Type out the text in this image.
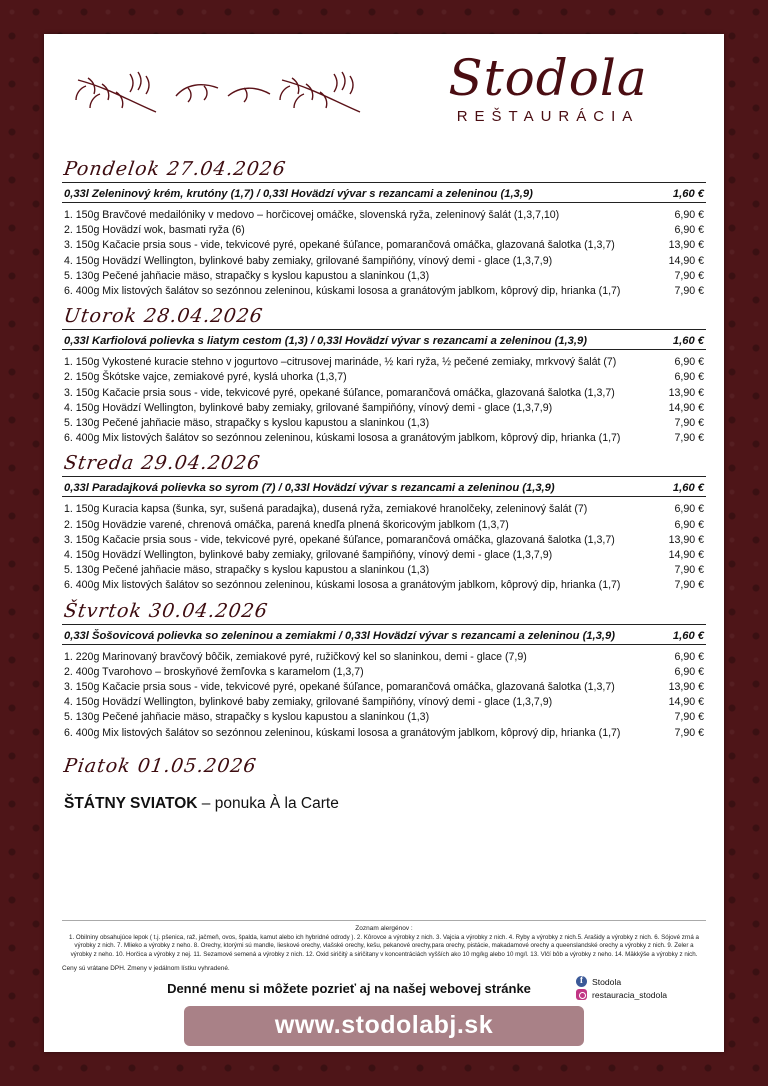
Stodola
REŠTAURÁCIA
Pondelok 27.04.2026
0,33l Zeleninový krém, krutóny (1,7) / 0,33l Hovädzí vývar s rezancami a zeleninou (1,3,9)	1,60 €
1. 150g Bravčové medailóniky v medovo – horčicovej omáčke, slovenská ryža, zeleninový šalát (1,3,7,10)	6,90 €
2. 150g Hovädzí wok, basmati ryža (6)	6,90 €
3. 150g Kačacie prsia sous - vide, tekvicové pyré, opekané šúľance, pomarančová omáčka, glazovaná šalotka (1,3,7)	13,90 €
4. 150g Hovädzí Wellington, bylinkové baby zemiaky, grilované šampiňóny, vínový demi - glace (1,3,7,9)	14,90 €
5. 130g Pečené jahňacie mäso, strapačky s kyslou kapustou a slaninkou (1,3)	7,90 €
6. 400g Mix listových šalátov so sezónnou zeleninou, kúskami lososa a granátovým jablkom, kôprový dip, hrianka (1,7)	7,90 €
Utorok 28.04.2026
0,33l Karfiolová polievka s liatym cestom (1,3) / 0,33l Hovädzí vývar s rezancami a zeleninou (1,3,9)	1,60 €
1. 150g Vykostené kuracie stehno v jogurtovo –citrusovej marináde, ½ kari ryža, ½ pečené zemiaky, mrkvový šalát (7)	6,90 €
2. 150g Škótske vajce, zemiakové pyré, kyslá uhorka (1,3,7)	6,90 €
3. 150g Kačacie prsia sous - vide, tekvicové pyré, opekané šúľance, pomarančová omáčka, glazovaná šalotka (1,3,7)	13,90 €
4. 150g Hovädzí Wellington, bylinkové baby zemiaky, grilované šampiňóny, vínový demi - glace (1,3,7,9)	14,90 €
5. 130g Pečené jahňacie mäso, strapačky s kyslou kapustou a slaninkou (1,3)	7,90 €
6. 400g Mix listových šalátov so sezónnou zeleninou, kúskami lososa a granátovým jablkom, kôprový dip, hrianka (1,7)	7,90 €
Streda 29.04.2026
0,33l Paradajková polievka so syrom (7) / 0,33l Hovädzí vývar s rezancami a zeleninou (1,3,9)	1,60 €
1. 150g Kuracia kapsa (šunka, syr, sušená paradajka), dusená ryža, zemiakové hranolčeky, zeleninový šalát (7)	6,90 €
2. 150g Hovädzie varené, chrenová omáčka, parená knedľa plnená škoricovým jablkom (1,3,7)	6,90 €
3. 150g Kačacie prsia sous - vide, tekvicové pyré, opekané šúľance, pomarančová omáčka, glazovaná šalotka (1,3,7)	13,90 €
4. 150g Hovädzí Wellington, bylinkové baby zemiaky, grilované šampiňóny, vínový demi - glace (1,3,7,9)	14,90 €
5. 130g Pečené jahňacie mäso, strapačky s kyslou kapustou a slaninkou (1,3)	7,90 €
6. 400g Mix listových šalátov so sezónnou zeleninou, kúskami lososa a granátovým jablkom, kôprový dip, hrianka (1,7)	7,90 €
Štvrtok 30.04.2026
0,33l Šošovicová polievka so zeleninou a zemiakmi / 0,33l Hovädzí vývar s rezancami a zeleninou (1,3,9)	1,60 €
1. 220g Marinovaný bravčový bôčik, zemiakové pyré, ružičkový kel so slaninkou, demi - glace (7,9)	6,90 €
2. 400g Tvarohovo – broskyňové žemľovka s karamelom (1,3,7)	6,90 €
3. 150g Kačacie prsia sous - vide, tekvicové pyré, opekané šúľance, pomarančová omáčka, glazovaná šalotka (1,3,7)	13,90 €
4. 150g Hovädzí Wellington, bylinkové baby zemiaky, grilované šampiňóny, vínový demi - glace (1,3,7,9)	14,90 €
5. 130g Pečené jahňacie mäso, strapačky s kyslou kapustou a slaninkou (1,3)	7,90 €
6. 400g Mix listových šalátov so sezónnou zeleninou, kúskami lososa a granátovým jablkom, kôprový dip, hrianka (1,7)	7,90 €
Piatok 01.05.2026
ŠTÁTNY SVIATOK – ponuka À la Carte
Zoznam alergénov :
1. Obilniny obsahujúce lepok ( t.j. pšenica, raž, jačmeň, ovos, špalda, kamut alebo ich hybridné odrody ). 2. Kôrovce a výrobky z nich. 3. Vajcia a výrobky z nich. 4. Ryby a výrobky z nich.5. Arašidy a výrobky z nich. 6. Sójové zrná a výrobky z nich. 7. Mlieko a výrobky z neho. 8. Orechy, ktorými sú mandle, lieskové orechy, vlašské orechy, kešu, pekanové orechy,para orechy, pistácie, makadamové orechy a queenslandské orechy a výrobky z nich. 9. Zeler a výrobky z neho. 10. Horčica a výrobky z nej. 11. Sezamové semená a výrobky z nich. 12. Oxid siričitý a siričitany v koncentráciách vyšších ako 10 mg/kg alebo 10 mg/l. 13. Vlčí bôb a výrobky z neho. 14. Mäkkýše a výrobky z nich.
Ceny sú vrátane DPH. Zmeny v jedálnom lístku vyhradené.
Denné menu si môžete pozrieť aj na našej webovej stránke f	Stodola
restauracia_stodola
www.stodolabj.sk
